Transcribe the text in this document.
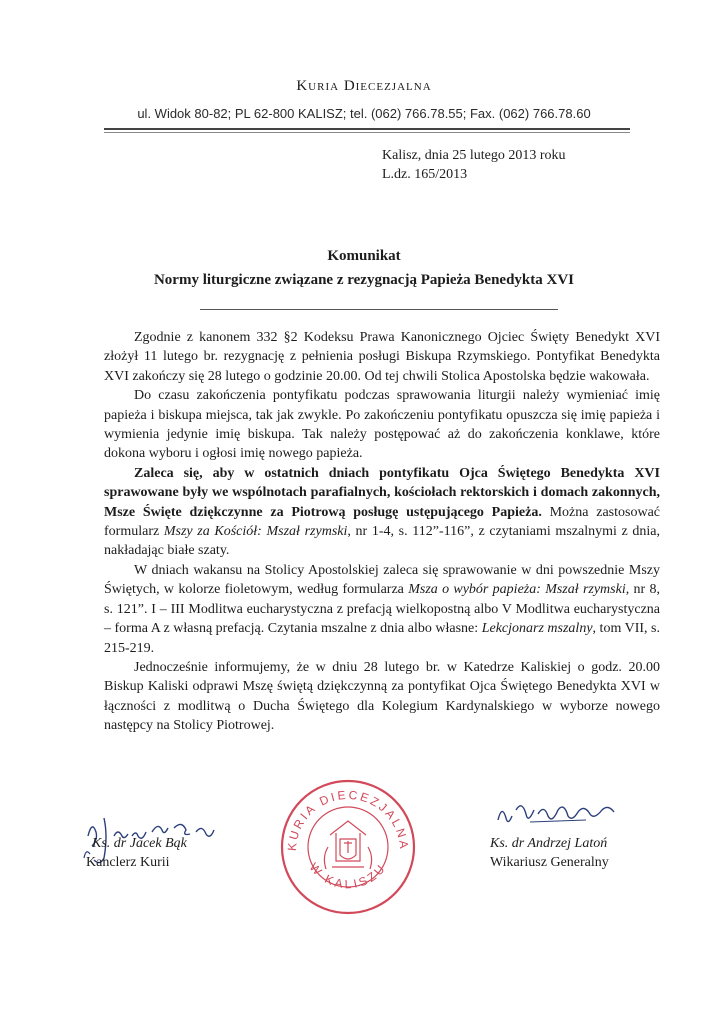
Kuria Diecezjalna
ul. Widok 80-82; PL 62-800 KALISZ; tel. (062) 766.78.55; Fax. (062) 766.78.60
Kalisz, dnia 25 lutego 2013 roku
L.dz. 165/2013
Komunikat
Normy liturgiczne związane z rezygnacją Papieża Benedykta XVI

Zgodnie z kanonem 332 §2 Kodeksu Prawa Kanonicznego Ojciec Święty Benedykt XVI złożył 11 lutego br. rezygnację z pełnienia posługi Biskupa Rzymskiego. Pontyfikat Benedykta XVI zakończy się 28 lutego o godzinie 20.00. Od tej chwili Stolica Apostolska będzie wakowała.

Do czasu zakończenia pontyfikatu podczas sprawowania liturgii należy wymieniać imię papieża i biskupa miejsca, tak jak zwykle. Po zakończeniu pontyfikatu opuszcza się imię papieża i wymienia jedynie imię biskupa. Tak należy postępować aż do zakończenia konklawe, które dokona wyboru i ogłosi imię nowego papieża.

Zaleca się, aby w ostatnich dniach pontyfikatu Ojca Świętego Benedykta XVI sprawowane były we wspólnotach parafialnych, kościołach rektorskich i domach zakonnych, Msze Święte dziękczynne za Piotrową posługę ustępującego Papieża. Można zastosować formularz Mszy za Kościół: Mszał rzymski, nr 1-4, s. 112”-116”, z czytaniami mszalnymi z dnia, nakładając białe szaty.

W dniach wakansu na Stolicy Apostolskiej zaleca się sprawowanie w dni powszednie Mszy Świętych, w kolorze fioletowym, według formularza Msza o wybór papieża: Mszał rzymski, nr 8, s. 121”. I – III Modlitwa eucharystyczna z prefacją wielkopostną albo V Modlitwa eucharystyczna – forma A z własną prefacją. Czytania mszalne z dnia albo własne: Lekcjonarz mszalny, tom VII, s. 215-219.

Jednocześnie informujemy, że w dniu 28 lutego br. w Katedrze Kaliskiej o godz. 20.00 Biskup Kaliski odprawi Mszę świętą dziękczynną za pontyfikat Ojca Świętego Benedykta XVI w łączności z modlitwą o Ducha Świętego dla Kolegium Kardynalskiego w wyborze nowego następcy na Stolicy Piotrowej.

Ks. dr Jacek Bąk
Kanclerz Kurii
KURIA DIECEZJALNA
W KALISZU
Ks. dr Andrzej Latoń
Wikariusz Generalny
